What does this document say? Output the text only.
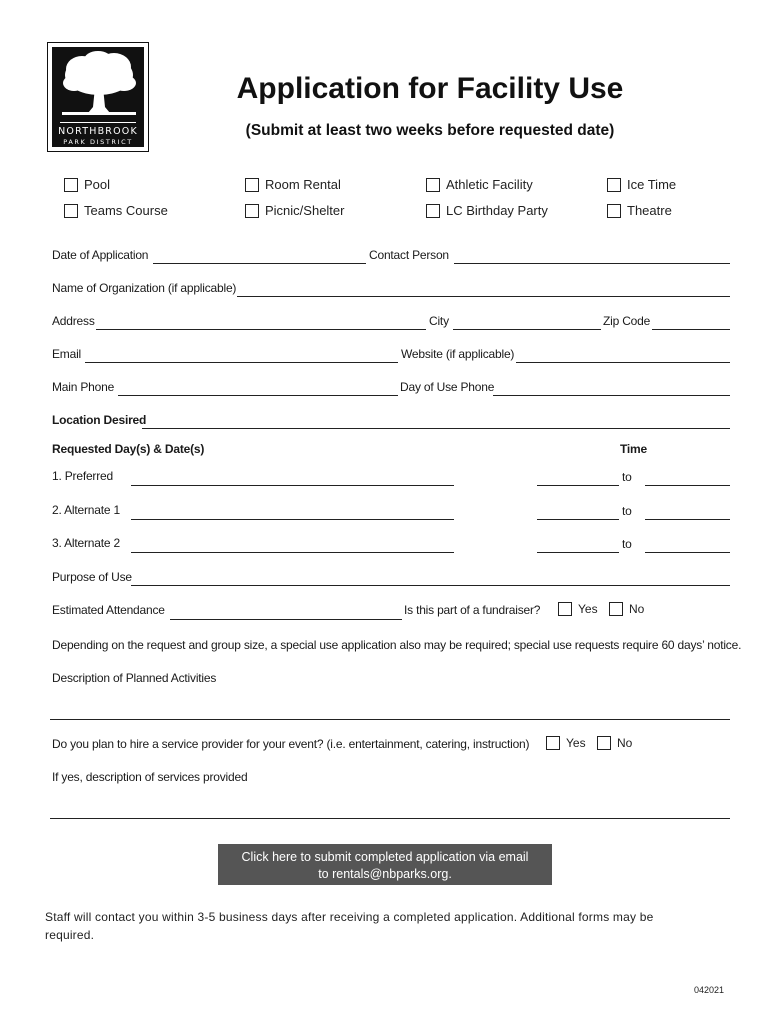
NORTHBROOK
PARK DISTRICT
Application for Facility Use
(Submit at least two weeks before requested date)
Pool	Room Rental	Athletic Facility	Ice Time
Teams Course	Picnic/Shelter	LC Birthday Party	Theatre
Date of Application	Contact Person
Name of Organization (if applicable)
Address	City	Zip Code
Email	Website (if applicable)
Main Phone	Day of Use Phone
Location Desired
Requested Day(s) & Date(s)	Time
1. Preferred	to
2. Alternate 1	to
3. Alternate 2	to
Purpose of Use
Estimated Attendance	Is this part of a fundraiser?	Yes	No
Depending on the request and group size, a special use application also may be required; special use requests require 60 days’ notice.
Description of Planned Activities
Do you plan to hire a service provider for your event? (i.e. entertainment, catering, instruction)	Yes	No
If yes, description of services provided
Click here to submit completed application via email
to rentals@nbparks.org.
Staff will contact you within 3-5 business days after receiving a completed application. Additional forms may be required.
042021
